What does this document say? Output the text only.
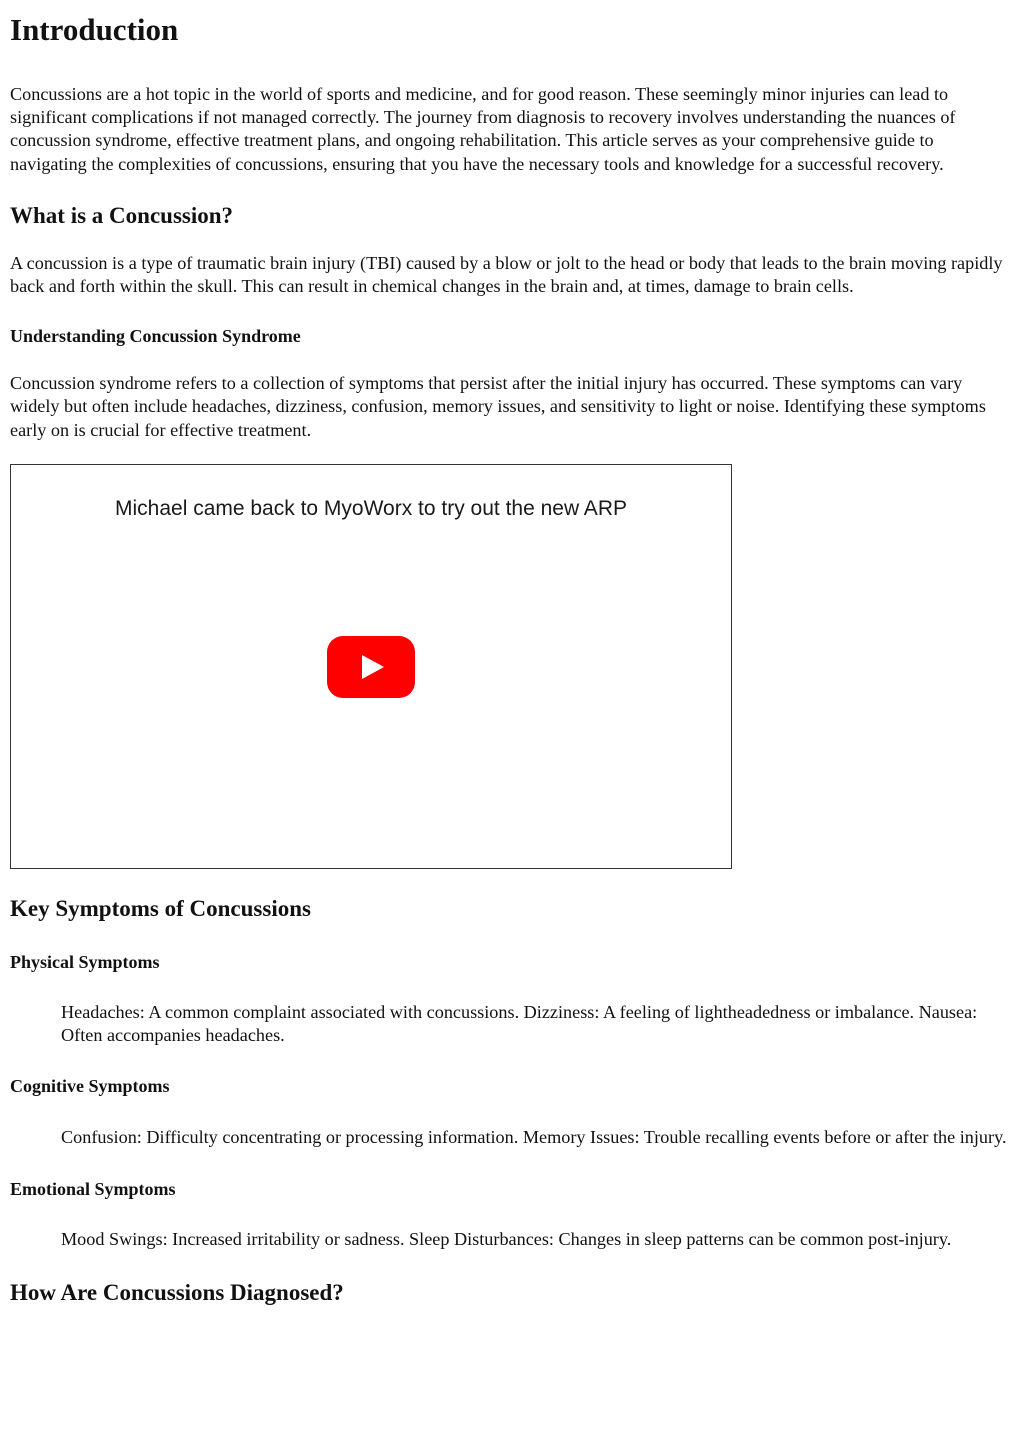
Introduction

Concussions are a hot topic in the world of sports and medicine, and for good reason. These seemingly minor injuries can lead to significant complications if not managed correctly. The journey from diagnosis to recovery involves understanding the nuances of concussion syndrome, effective treatment plans, and ongoing rehabilitation. This article serves as your comprehensive guide to navigating the complexities of concussions, ensuring that you have the necessary tools and knowledge for a successful recovery.

What is a Concussion?

A concussion is a type of traumatic brain injury (TBI) caused by a blow or jolt to the head or body that leads to the brain moving rapidly back and forth within the skull. This can result in chemical changes in the brain and, at times, damage to brain cells.

Understanding Concussion Syndrome

Concussion syndrome refers to a collection of symptoms that persist after the initial injury has occurred. These symptoms can vary widely but often include headaches, dizziness, confusion, memory issues, and sensitivity to light or noise. Identifying these symptoms early on is crucial for effective treatment.

Michael came back to MyoWorx to try out the new ARP
Key Symptoms of Concussions
Physical Symptoms
Headaches: A common complaint associated with concussions. Dizziness: A feeling of lightheadedness or imbalance. Nausea: Often accompanies headaches.
Cognitive Symptoms
Confusion: Difficulty concentrating or processing information. Memory Issues: Trouble recalling events before or after the injury.
Emotional Symptoms
Mood Swings: Increased irritability or sadness. Sleep Disturbances: Changes in sleep patterns can be common post-injury.
How Are Concussions Diagnosed?
